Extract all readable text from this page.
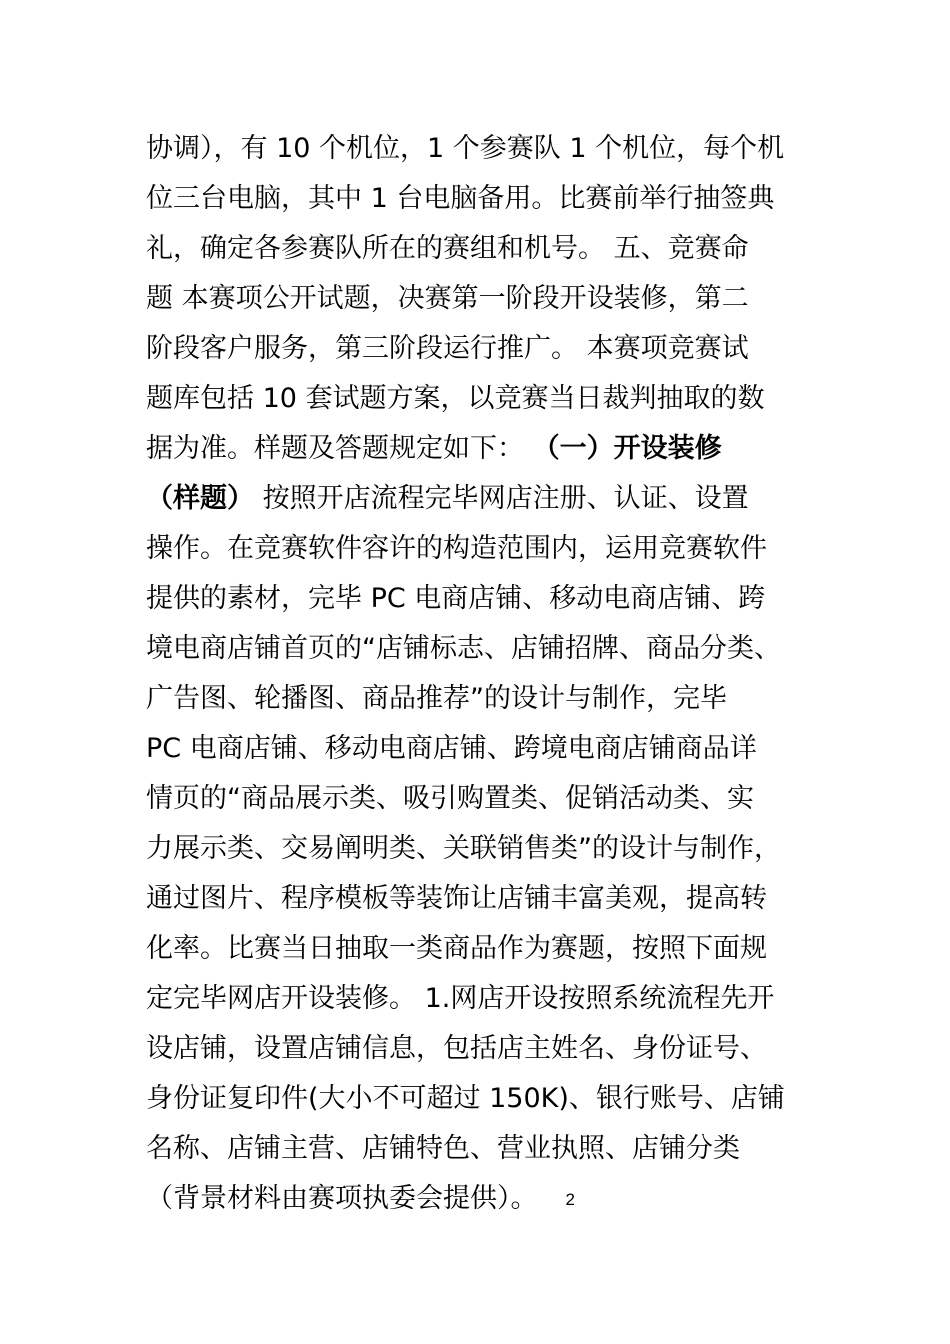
协调），有 10 个机位，1 个参赛队 1 个机位，每个机
位三台电脑，其中 1 台电脑备用。比赛前举行抽签典
礼，确定各参赛队所在的赛组和机号。 五、竞赛命
题 本赛项公开试题，决赛第一阶段开设装修，第二
阶段客户服务，第三阶段运行推广。 本赛项竞赛试
题库包括 10 套试题方案，以竞赛当日裁判抽取的数
据为准。样题及答题规定如下： （一）开设装修
（样题） 按照开店流程完毕网店注册、认证、设置
操作。在竞赛软件容许的构造范围内，运用竞赛软件
提供的素材，完毕 PC 电商店铺、移动电商店铺、跨
境电商店铺首页的“店铺标志、店铺招牌、商品分类、
广告图、轮播图、商品推荐”的设计与制作，完毕
PC 电商店铺、移动电商店铺、跨境电商店铺商品详
情页的“商品展示类、吸引购置类、促销活动类、实
力展示类、交易阐明类、关联销售类”的设计与制作，
通过图片、程序模板等装饰让店铺丰富美观，提高转
化率。比赛当日抽取一类商品作为赛题，按照下面规
定完毕网店开设装修。 1.网店开设按照系统流程先开
设店铺，设置店铺信息，包括店主姓名、身份证号、
身份证复印件(大小不可超过 150K)、银行账号、店铺
名称、店铺主营、店铺特色、营业执照、店铺分类
（背景材料由赛项执委会提供）。 2
